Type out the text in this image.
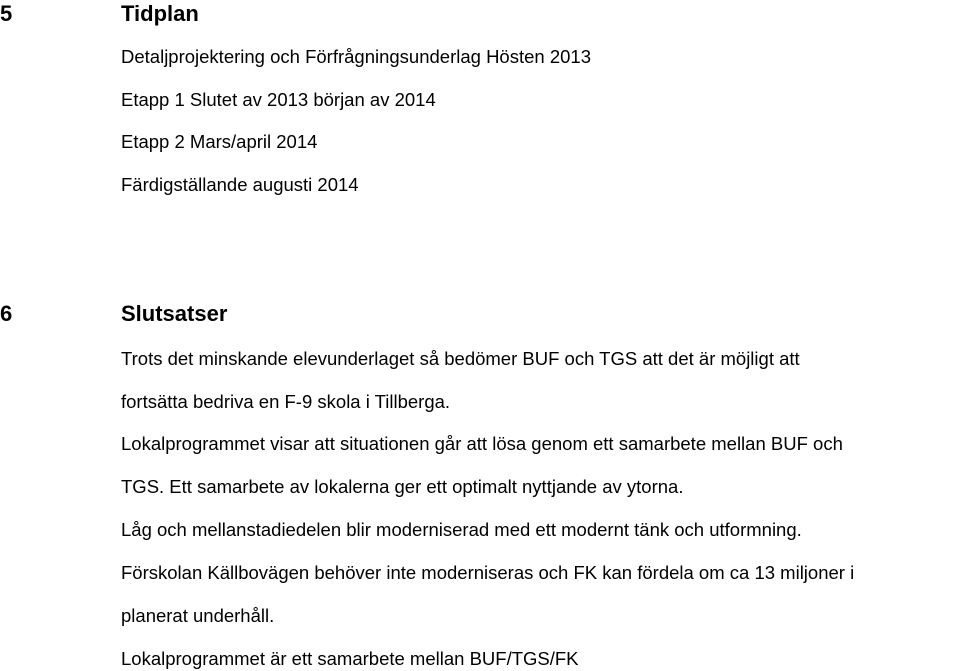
5	Tidplan
Detaljprojektering och Förfrågningsunderlag Hösten 2013
Etapp 1 Slutet av 2013 början av 2014
Etapp 2 Mars/april 2014
Färdigställande augusti 2014
6	Slutsatser
Trots det minskande elevunderlaget så bedömer BUF och TGS att det är möjligt att
fortsätta bedriva en F-9 skola i Tillberga.
Lokalprogrammet visar att situationen går att lösa genom ett samarbete mellan BUF och
TGS. Ett samarbete av lokalerna ger ett optimalt nyttjande av ytorna.
Låg och mellanstadiedelen blir moderniserad med ett modernt tänk och utformning.
Förskolan Källbovägen behöver inte moderniseras och FK kan fördela om ca 13 miljoner i
planerat underhåll.
Lokalprogrammet är ett samarbete mellan BUF/TGS/FK
